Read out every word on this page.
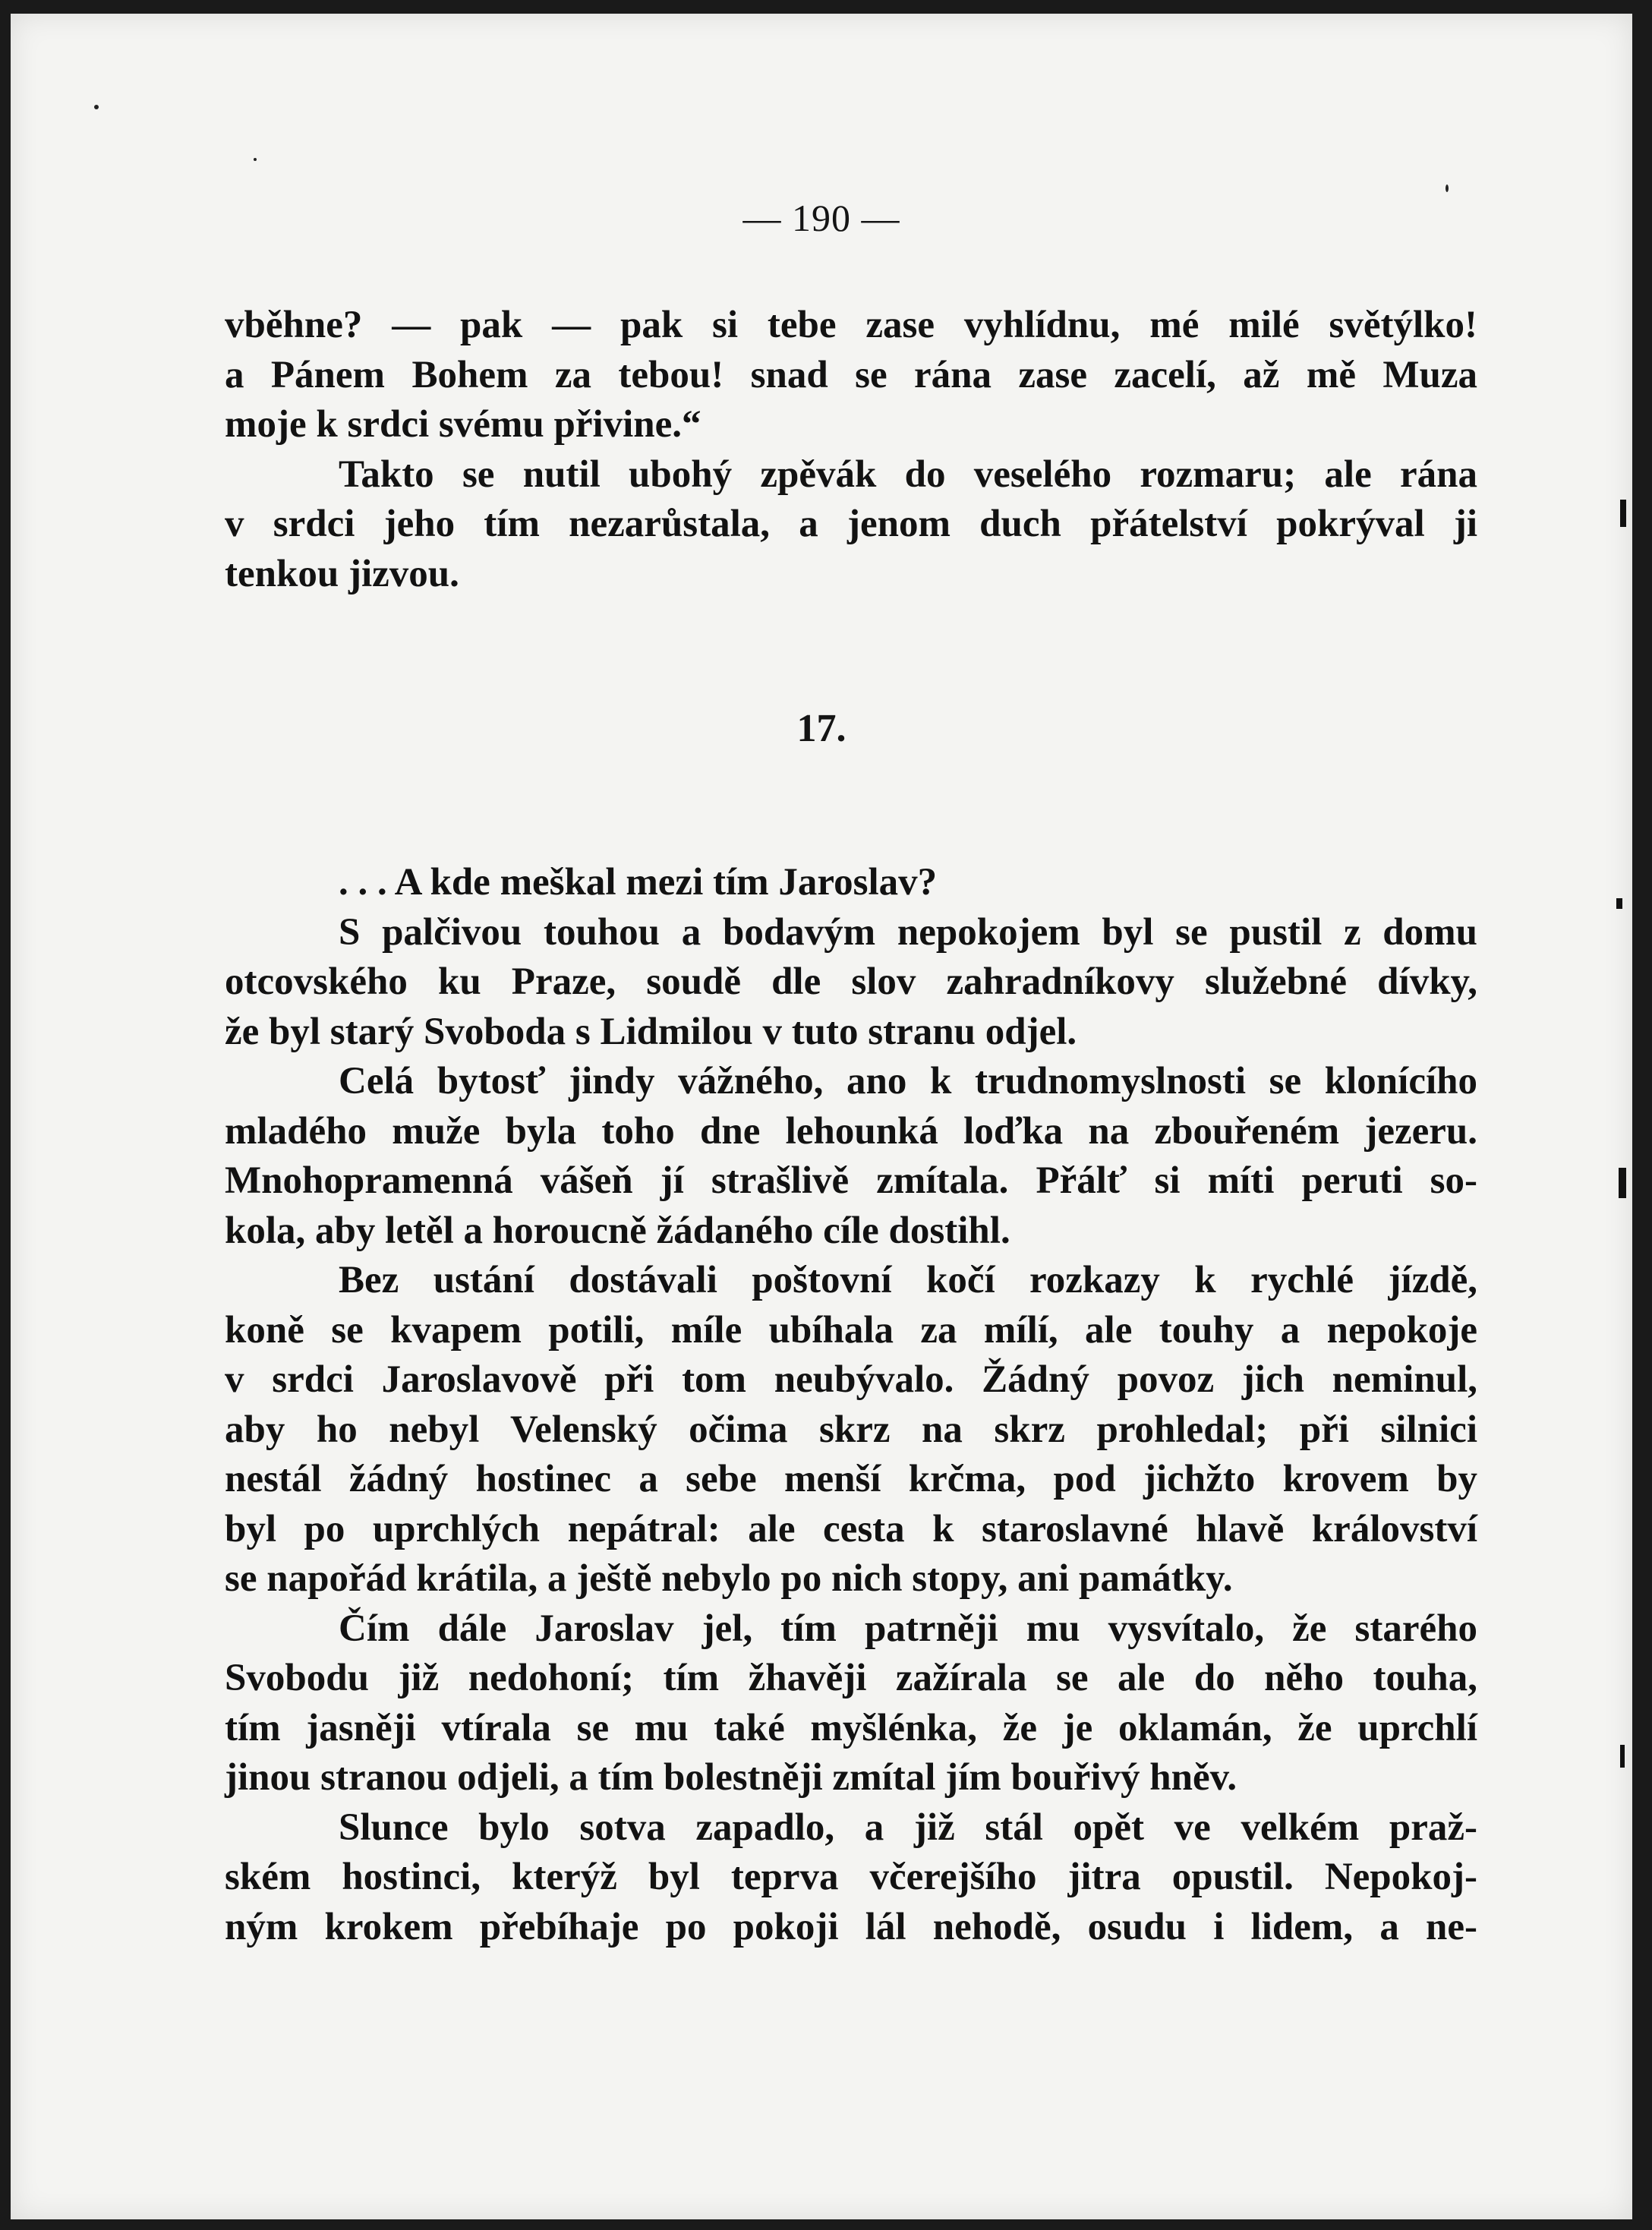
— 190 —
vběhne? — pak — pak si tebe zase vyhlídnu, mé milé světýlko!
a Pánem Bohem za tebou! snad se rána zase zacelí, až mě Muza
moje k srdci svému přivine.“
Takto se nutil ubohý zpěvák do veselého rozmaru; ale rána
v srdci jeho tím nezarůstala, a jenom duch přátelství pokrýval ji
tenkou jizvou.
17.
. . . A kde meškal mezi tím Jaroslav?
S palčivou touhou a bodavým nepokojem byl se pustil z domu
otcovského ku Praze, soudě dle slov zahradníkovy služebné dívky,
že byl starý Svoboda s Lidmilou v tuto stranu odjel.
Celá bytosť jindy vážného, ano k trudnomyslnosti se klonícího
mladého muže byla toho dne lehounká loďka na zbouřeném jezeru.
Mnohopramenná vášeň jí strašlivě zmítala. Přálť si míti peruti so-
kola, aby letěl a horoucně žádaného cíle dostihl.
Bez ustání dostávali poštovní kočí rozkazy k rychlé jízdě,
koně se kvapem potili, míle ubíhala za mílí, ale touhy a nepokoje
v srdci Jaroslavově při tom neubývalo. Žádný povoz jich neminul,
aby ho nebyl Velenský očima skrz na skrz prohledal; při silnici
nestál žádný hostinec a sebe menší krčma, pod jichžto krovem by
byl po uprchlých nepátral: ale cesta k staroslavné hlavě království
se napořád krátila, a ještě nebylo po nich stopy, ani památky.
Čím dále Jaroslav jel, tím patrněji mu vysvítalo, že starého
Svobodu již nedohoní; tím žhavěji zažírala se ale do něho touha,
tím jasněji vtírala se mu také myšlénka, že je oklamán, že uprchlí
jinou stranou odjeli, a tím bolestněji zmítal jím bouřivý hněv.
Slunce bylo sotva zapadlo, a již stál opět ve velkém praž-
ském hostinci, kterýž byl teprva včerejšího jitra opustil. Nepokoj-
ným krokem přebíhaje po pokoji lál nehodě, osudu i lidem, a ne-
